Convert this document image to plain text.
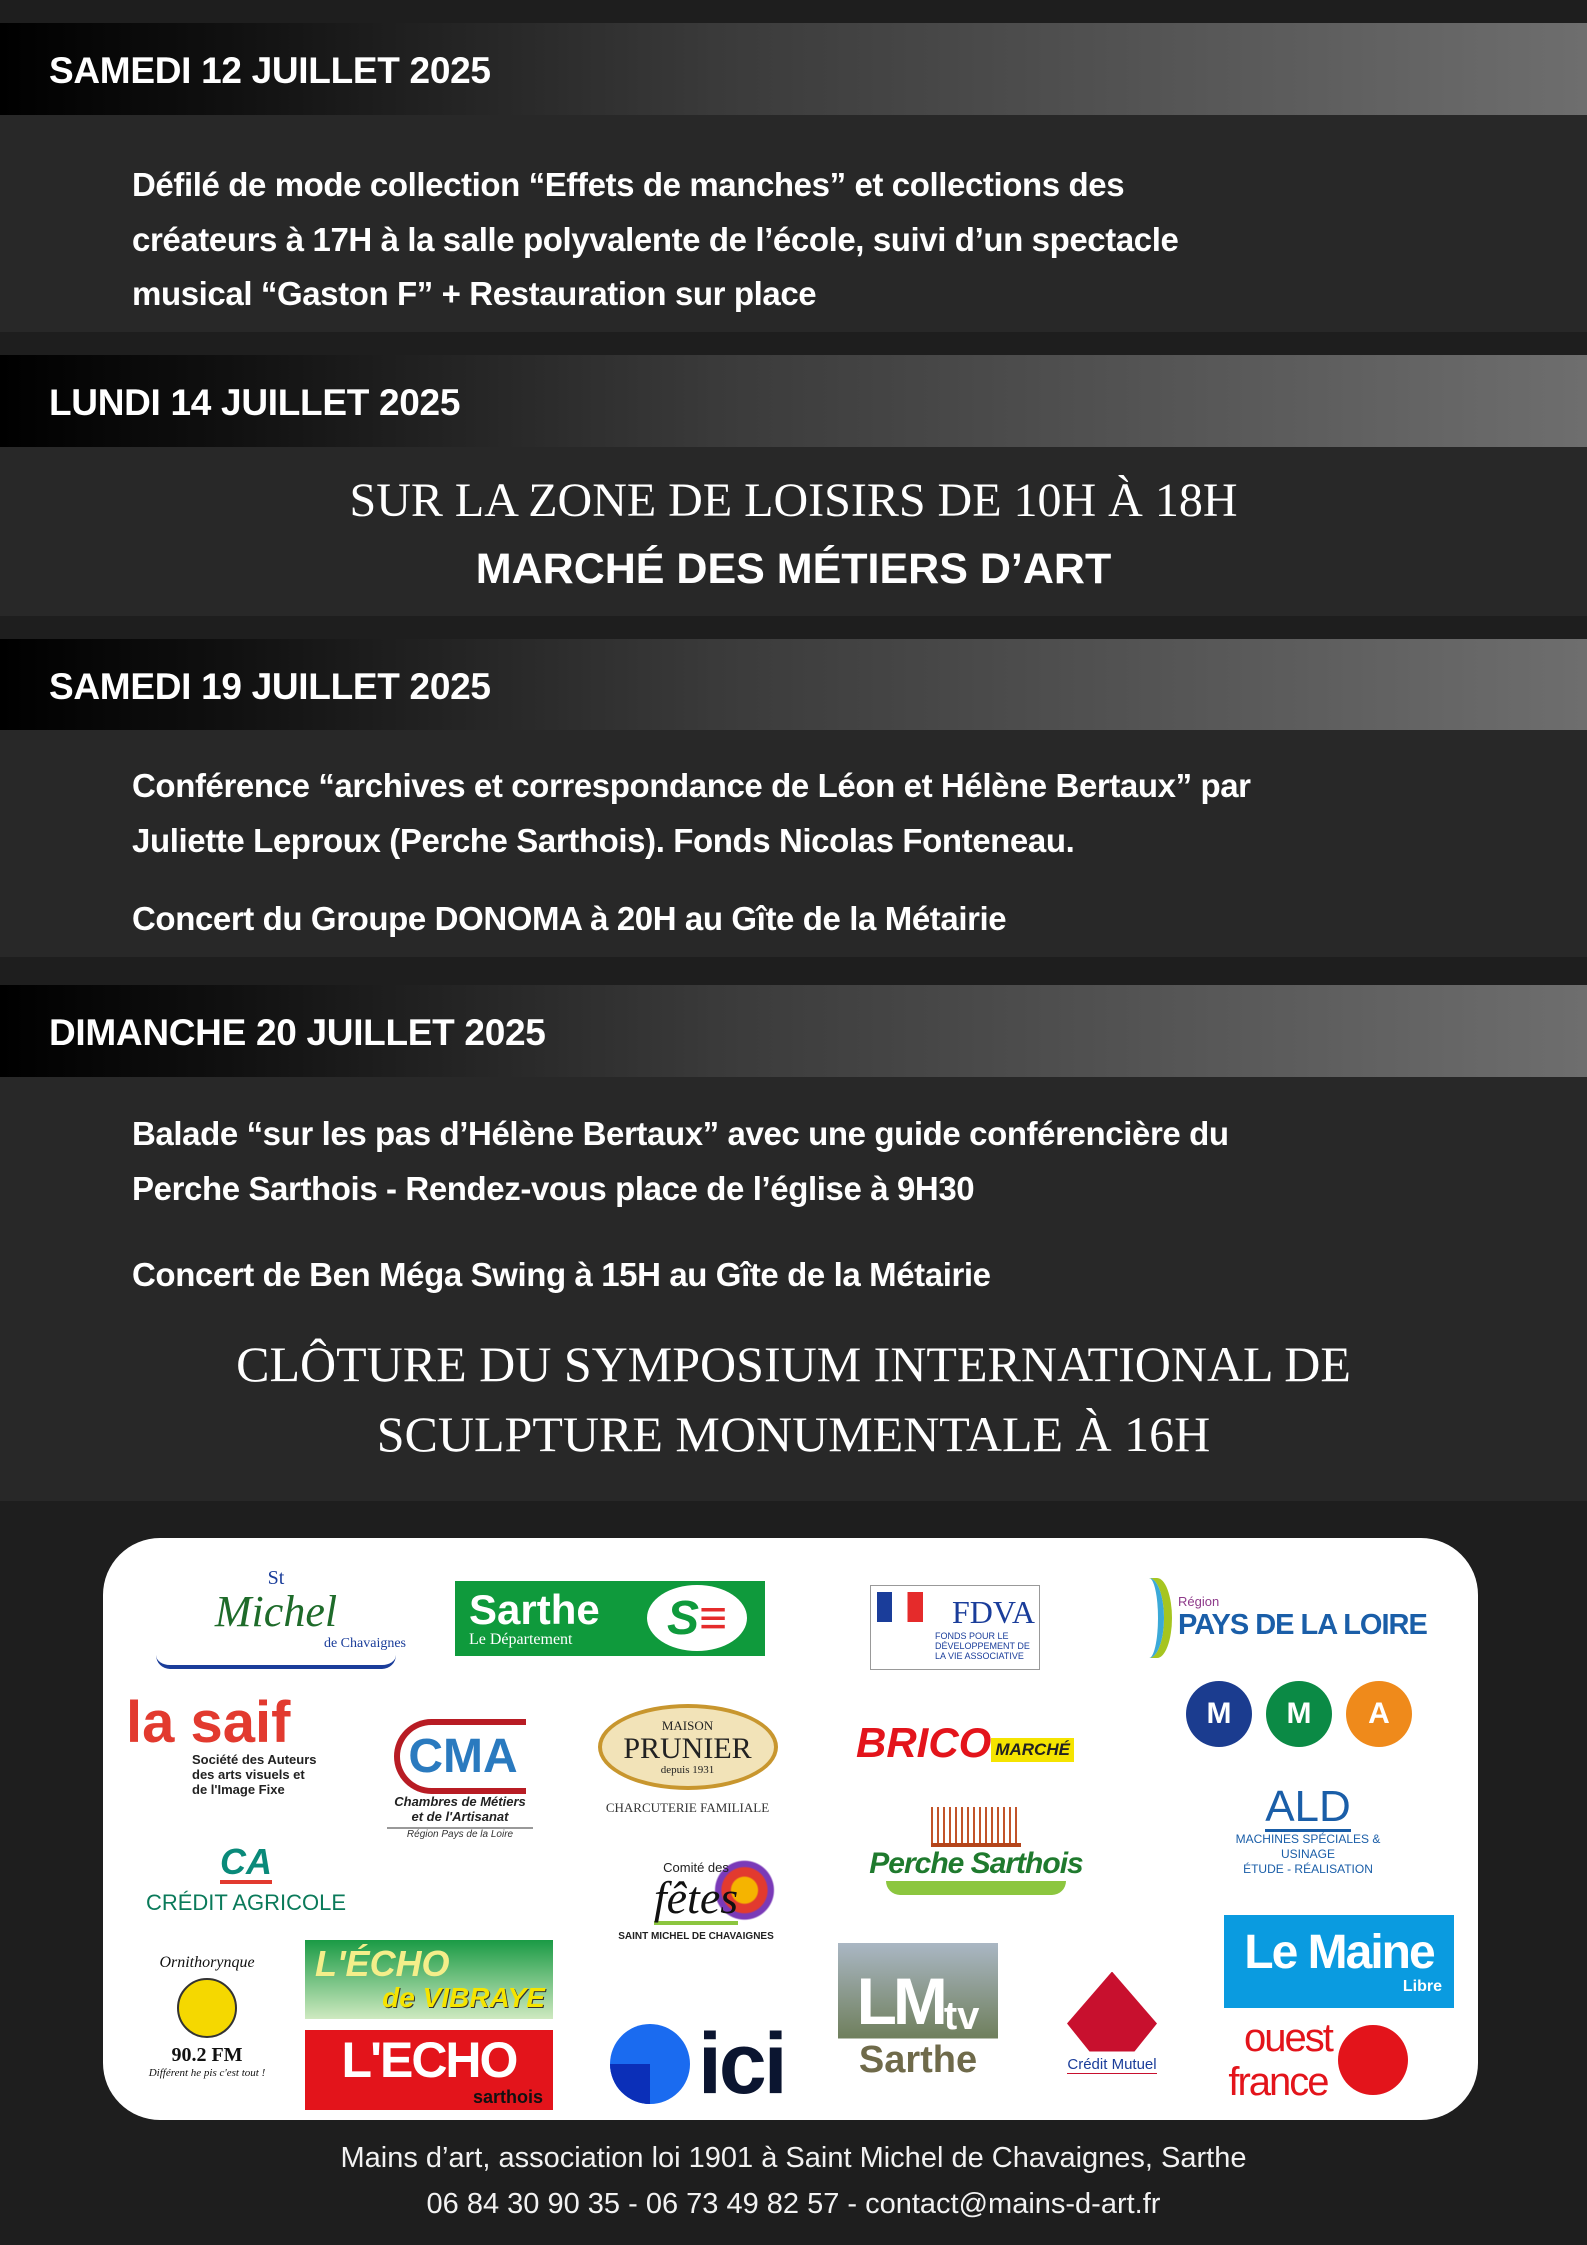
SAMEDI 12 JUILLET 2025
Défilé de mode collection “Effets de manches” et collections des
créateurs à 17H à la salle polyvalente de l’école, suivi d’un spectacle
musical “Gaston F” + Restauration sur place
LUNDI 14 JUILLET 2025
SUR LA ZONE DE LOISIRS DE 10H À 18H
MARCHÉ DES MÉTIERS D’ART
SAMEDI 19 JUILLET 2025
Conférence “archives et correspondance de Léon et Hélène Bertaux” par
Juliette Leproux (Perche Sarthois). Fonds Nicolas Fonteneau.
Concert du Groupe DONOMA à 20H au Gîte de la Métairie
DIMANCHE 20 JUILLET 2025
Balade “sur les pas d’Hélène Bertaux” avec une guide conférencière du
Perche Sarthois - Rendez-vous place de l’église à 9H30
Concert de Ben Méga Swing à 15H au Gîte de la Métairie
CLÔTURE DU SYMPOSIUM INTERNATIONAL DE
SCULPTURE MONUMENTALE À 16H
St
Michel
de Chavaignes
Sarthe
Le Département	S ≡	FDVA
FONDS POUR LE DÉVELOPPEMENT DE LA VIE ASSOCIATIVE
Région
PAYS DE LA LOIRE
la saif
Société des Auteurs des arts visuels et de l'Image Fixe
CMA
Chambres de Métiers et de l'Artisanat
Région Pays de la Loire
MAISON
PRUNIER
depuis 1931
CHARCUTERIE FAMILIALE
BRICO MARCHÉ
M	M	A
ALD
MACHINES SPÉCIALES & USINAGE
ÉTUDE - RÉALISATION
Perche Sarthois
CA
CRÉDIT AGRICOLE
Comité des
fêtes
SAINT MICHEL DE CHAVAIGNES
Ornithorynque
90.2 FM
Différent he pis c'est tout !
L'ÉCHO
de VIBRAYE
L'ECHO
sarthois ici
LM tv
Sarthe	Crédit Mutuel
Le Maine
Libre
ouest
france
Mains d’art, association loi 1901 à Saint Michel de Chavaignes, Sarthe
06 84 30 90 35 - 06 73 49 82 57 - contact@mains-d-art.fr
